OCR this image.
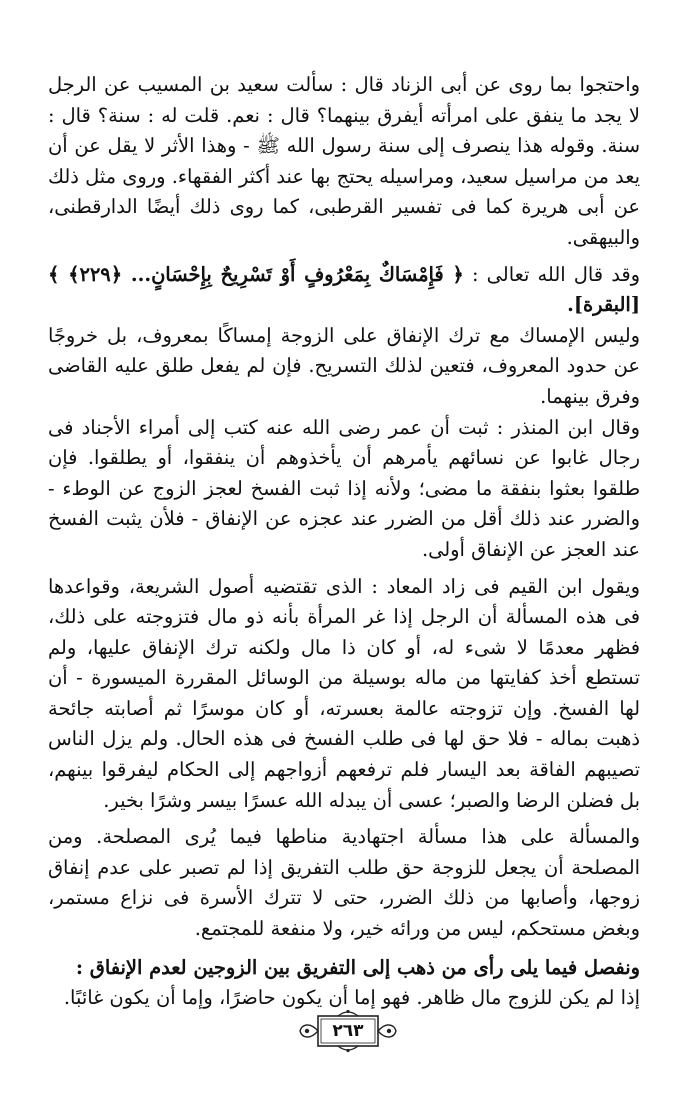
واحتجوا بما روى عن أبى الزناد قال : سألت سعيد بن المسيب عن الرجل لا يجد ما ينفق على امرأته أيفرق بينهما؟ قال : نعم. قلت له : سنة؟ قال : سنة. وقوله هذا ينصرف إلى سنة رسول الله ﷺ - وهذا الأثر لا يقل عن أن يعد من مراسيل سعيد، ومراسيله يحتج بها عند أكثر الفقهاء. وروى مثل ذلك عن أبى هريرة كما فى تفسير القرطبى، كما روى ذلك أيضًا الدارقطنى، والبيهقى.

وقد قال الله تعالى : ﴿ فَإِمْسَاكٌ بِمَعْرُوفٍ أَوْ تَسْرِيحٌ بِإِحْسَانٍ... ﴿٢٢٩﴾ ﴾ [البقرة].

وليس الإمساك مع ترك الإنفاق على الزوجة إمساكًا بمعروف، بل خروجًا عن حدود المعروف، فتعين لذلك التسريح. فإن لم يفعل طلق عليه القاضى وفرق بينهما.

وقال ابن المنذر : ثبت أن عمر رضى الله عنه كتب إلى أمراء الأجناد فى رجال غابوا عن نسائهم يأمرهم أن يأخذوهم أن ينفقوا، أو يطلقوا. فإن طلقوا بعثوا بنفقة ما مضى؛ ولأنه إذا ثبت الفسخ لعجز الزوج عن الوطء - والضرر عند ذلك أقل من الضرر عند عجزه عن الإنفاق - فلأن يثبت الفسخ عند العجز عن الإنفاق أولى.

ويقول ابن القيم فى زاد المعاد : الذى تقتضيه أصول الشريعة، وقواعدها فى هذه المسألة أن الرجل إذا غر المرأة بأنه ذو مال فتزوجته على ذلك، فظهر معدمًا لا شىء له، أو كان ذا مال ولكنه ترك الإنفاق عليها، ولم تستطع أخذ كفايتها من ماله بوسيلة من الوسائل المقررة الميسورة - أن لها الفسخ. وإن تزوجته عالمة بعسرته، أو كان موسرًا ثم أصابته جائحة ذهبت بماله - فلا حق لها فى طلب الفسخ فى هذه الحال. ولم يزل الناس تصيبهم الفاقة بعد اليسار فلم ترفعهم أزواجهم إلى الحكام ليفرقوا بينهم، بل فضلن الرضا والصبر؛ عسى أن يبدله الله عسرًا بيسر وشرًا بخير.

والمسألة على هذا مسألة اجتهادية مناطها فيما يُرى المصلحة. ومن المصلحة أن يجعل للزوجة حق طلب التفريق إذا لم تصبر على عدم إنفاق زوجها، وأصابها من ذلك الضرر، حتى لا تترك الأسرة فى نزاع مستمر، وبغض مستحكم، ليس من ورائه خير، ولا منفعة للمجتمع.

ونفصل فيما يلى رأى من ذهب إلى التفريق بين الزوجين لعدم الإنفاق :

إذا لم يكن للزوج مال ظاهر. فهو إما أن يكون حاضرًا، وإما أن يكون غائبًا.

٢٦٣
